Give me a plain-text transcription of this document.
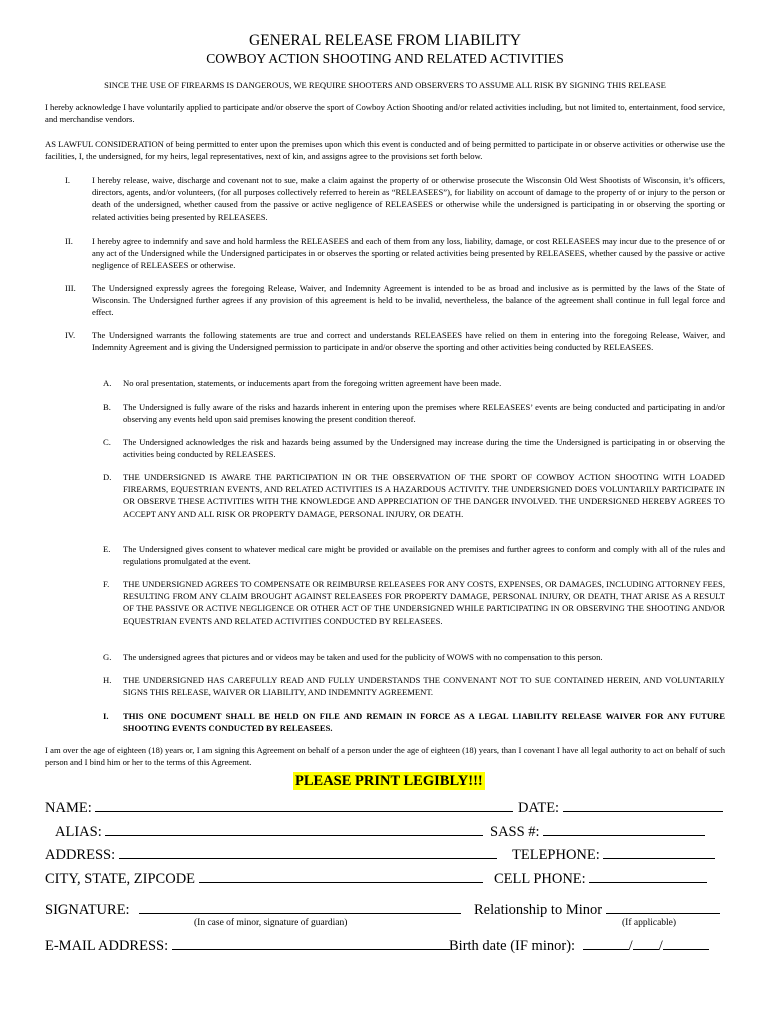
GENERAL RELEASE FROM LIABILITY
COWBOY ACTION SHOOTING AND RELATED ACTIVITIES
SINCE THE USE OF FIREARMS IS DANGEROUS, WE REQUIRE SHOOTERS AND OBSERVERS TO ASSUME ALL RISK BY SIGNING THIS RELEASE
I hereby acknowledge I have voluntarily applied to participate and/or observe the sport of Cowboy Action Shooting and/or related activities including, but not limited to, entertainment, food service, and merchandise vendors.
AS LAWFUL CONSIDERATION of being permitted to enter upon the premises upon which this event is conducted and of being permitted to participate in or observe activities or otherwise use the facilities, I, the undersigned, for my heirs, legal representatives, next of kin, and assigns agree to the provisions set forth below.
I.	I hereby release, waive, discharge and covenant not to sue, make a claim against the property of or otherwise prosecute the Wisconsin Old West Shootists of Wisconsin, it’s officers, directors, agents, and/or volunteers, (for all purposes collectively referred to herein as “RELEASEES”), for liability on account of damage to the property of or injury to the person or death of the undersigned, whether caused from the passive or active negligence of RELEASEES or otherwise while the undersigned is participating in or observing the sporting or related activities being presented by RELEASEES.
II. I hereby agree to indemnify and save and hold harmless the RELEASEES and each of them from any loss, liability, damage, or cost RELEASEES may incur due to the presence of or any act of the Undersigned while the Undersigned participates in or observes the sporting or related activities being presented by RELEASEES, whether caused by the passive or active negligence of RELEASEES or otherwise.
III. The Undersigned expressly agrees the foregoing Release, Waiver, and Indemnity Agreement is intended to be as broad and inclusive as is permitted by the laws of the State of Wisconsin. The Undersigned further agrees if any provision of this agreement is held to be invalid, nevertheless, the balance of the agreement shall continue in full legal force and effect.
IV. The Undersigned warrants the following statements are true and correct and understands RELEASEES have relied on them in entering into the foregoing Release, Waiver, and Indemnity Agreement and is giving the Undersigned permission to participate in and/or observe the sporting and other activities being conducted by RELEASEES.
A. No oral presentation, statements, or inducements apart from the foregoing written agreement have been made.
B. The Undersigned is fully aware of the risks and hazards inherent in entering upon the premises where RELEASEES’ events are being conducted and participating in and/or observing any events held upon said premises knowing the present condition thereof.
C. The Undersigned acknowledges the risk and hazards being assumed by the Undersigned may increase during the time the Undersigned is participating in or observing the activities being conducted by RELEASEES.
D. THE UNDERSIGNED IS AWARE THE PARTICIPATION IN OR THE OBSERVATION OF THE SPORT OF COWBOY ACTION SHOOTING WITH LOADED FIREARMS, EQUESTRIAN EVENTS, AND RELATED ACTIVITIES IS A HAZARDOUS ACTIVITY. THE UNDERSIGNED DOES VOLUNTARILY PARTICIPATE IN OR OBSERVE THESE ACTIVITIES WITH THE KNOWLEDGE AND APPRECIATION OF THE DANGER INVOLVED. THE UNDERSIGNED HEREBY AGREES TO ACCEPT ANY AND ALL RISK OR PROPERTY DAMAGE, PERSONAL INJURY, OR DEATH.
E. The Undersigned gives consent to whatever medical care might be provided or available on the premises and further agrees to conform and comply with all of the rules and regulations promulgated at the event.
F. THE UNDERSIGNED AGREES TO COMPENSATE OR REIMBURSE RELEASEES FOR ANY COSTS, EXPENSES, OR DAMAGES, INCLUDING ATTORNEY FEES, RESULTING FROM ANY CLAIM BROUGHT AGAINST RELEASEES FOR PROPERTY DAMAGE, PERSONAL INJURY, OR DEATH, THAT ARISE AS A RESULT OF THE PASSIVE OR ACTIVE NEGLIGENCE OR OTHER ACT OF THE UNDERSIGNED WHILE PARTICIPATING IN OR OBSERVING THE SHOOTING AND/OR EQUESTRIAN EVENTS AND RELATED ACTIVITIES CONDUCTED BY RELEASEES.
G. The undersigned agrees that pictures and or videos may be taken and used for the publicity of WOWS with no compensation to this person.
H. THE UNDERSIGNED HAS CAREFULLY READ AND FULLY UNDERSTANDS THE CONVENANT NOT TO SUE CONTAINED HEREIN, AND VOLUNTARILY SIGNS THIS RELEASE, WAIVER OR LIABILITY, AND INDEMNITY AGREEMENT.
I. THIS ONE DOCUMENT SHALL BE HELD ON FILE AND REMAIN IN FORCE AS A LEGAL LIABILITY RELEASE WAIVER FOR ANY FUTURE SHOOTING EVENTS CONDUCTED BY RELEASEES.
I am over the age of eighteen (18) years or, I am signing this Agreement on behalf of a person under the age of eighteen (18) years, than I covenant I have all legal authority to act on behalf of such person and I bind him or her to the terms of this Agreement.
PLEASE PRINT LEGIBLY!!!
NAME:	DATE:
ALIAS:	SASS #:
ADDRESS:	TELEPHONE:
CITY, STATE, ZIPCODE	CELL PHONE:
SIGNATURE:
(In case of minor, signature of guardian)
Relationship to Minor
(If applicable)
E-MAIL ADDRESS:	Birth date (IF minor):	/ /
